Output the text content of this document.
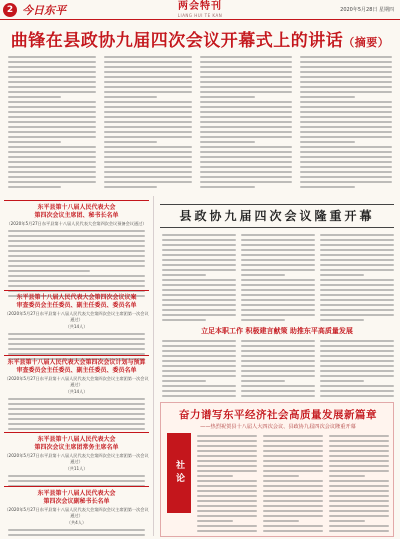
2 今日东平	两会特刊
LIANG HUI TE KAN
2020年5月28日 星期四
曲锋在县政协九届四次会议开幕式上的讲话（摘要）
东平县第十八届人民代表大会
第四次会议主席团、秘书长名单
（2020年5月27日东平县第十八届人民代表大会第四次会议预备会议通过）
东平县第十八届人民代表大会第四次会议议案
审查委员会主任委员、副主任委员、委员名单
（2020年5月27日东平县第十八届人民代表大会第四次会议主席团第一次会议通过）
（共14人）
东平县第十八届人民代表大会第四次会议计划与预算
审查委员会主任委员、副主任委员、委员名单
（2020年5月27日东平县第十八届人民代表大会第四次会议主席团第一次会议通过）
（共14人）
东平县第十八届人民代表大会
第四次会议主席团常务主席名单
（2020年5月27日东平县第十八届人民代表大会第四次会议主席团第一次会议通过）
（共11人）
东平县第十八届人民代表大会
第四次会议副秘书长名单
（2020年5月27日东平县第十八届人民代表大会第四次会议主席团第一次会议通过）
（共4人）
县政协九届四次会议隆重开幕
立足本职工作 积极建言献策 助推东平高质量发展
奋力谱写东平经济社会高质量发展新篇章
——热烈祝贺县十八届人大四次会议、县政协九届四次会议隆重开幕
社论
